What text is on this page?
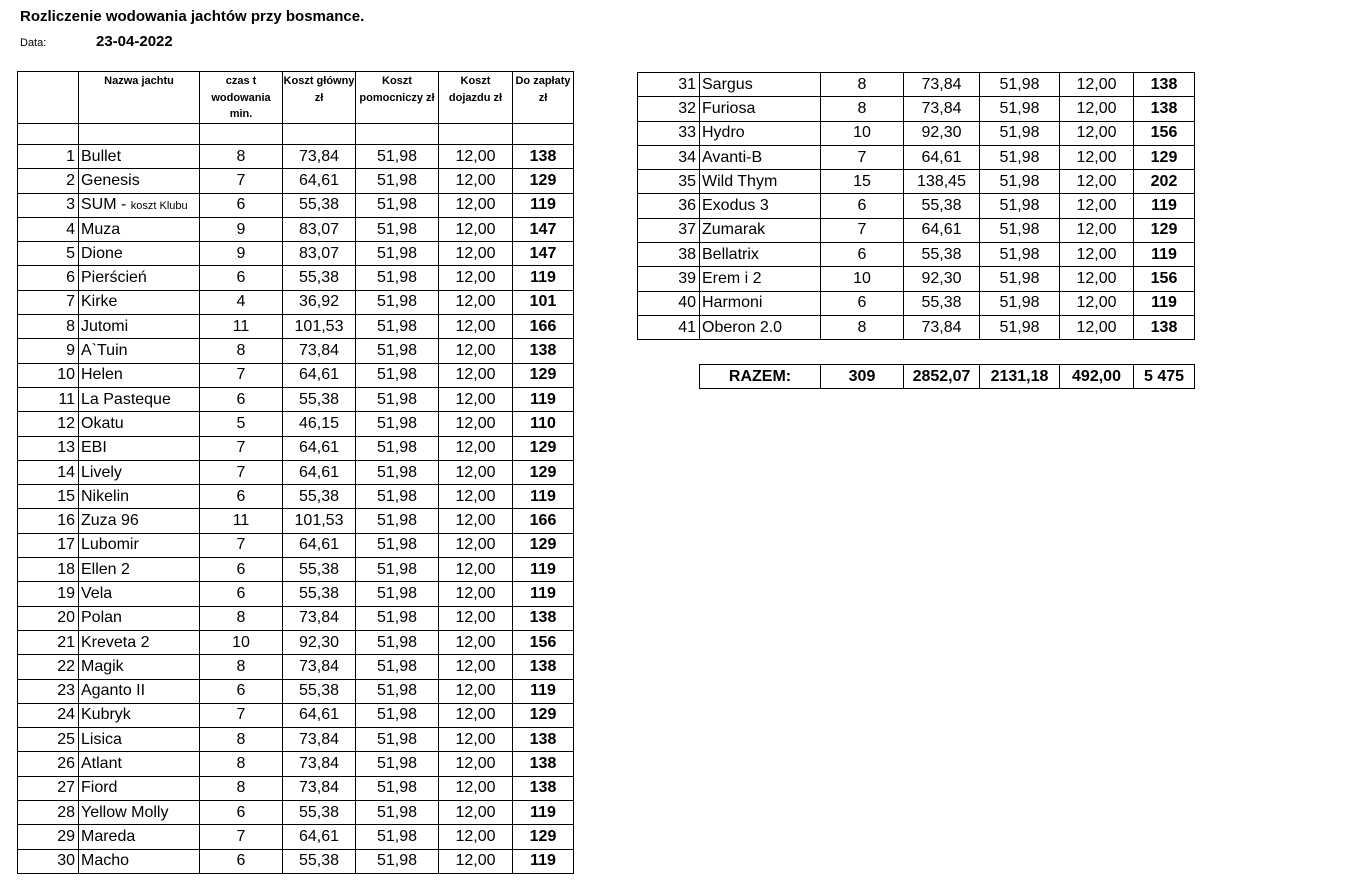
Rozliczenie wodowania jachtów przy bosmance.
Data:	23-04-2022
	Nazwa jachtu	czas t wodowania min.	Koszt główny zł	Koszt pomocniczy zł	Koszt dojazdu zł	Do zapłaty zł

1	Bullet	8	73,84	51,98	12,00	138
2	Genesis	7	64,61	51,98	12,00	129
3	SUM - koszt Klubu	6	55,38	51,98	12,00	119
4	Muza	9	83,07	51,98	12,00	147
5	Dione	9	83,07	51,98	12,00	147
6	Pierścień	6	55,38	51,98	12,00	119
7	Kirke	4	36,92	51,98	12,00	101
8	Jutomi	11	101,53	51,98	12,00	166
9	A`Tuin	8	73,84	51,98	12,00	138
10	Helen	7	64,61	51,98	12,00	129
11	La Pasteque	6	55,38	51,98	12,00	119
12	Okatu	5	46,15	51,98	12,00	110
13	EBI	7	64,61	51,98	12,00	129
14	Lively	7	64,61	51,98	12,00	129
15	Nikelin	6	55,38	51,98	12,00	119
16	Zuza 96	11	101,53	51,98	12,00	166
17	Lubomir	7	64,61	51,98	12,00	129
18	Ellen 2	6	55,38	51,98	12,00	119
19	Vela	6	55,38	51,98	12,00	119
20	Polan	8	73,84	51,98	12,00	138
21	Kreveta 2	10	92,30	51,98	12,00	156
22	Magik	8	73,84	51,98	12,00	138
23	Aganto II	6	55,38	51,98	12,00	119
24	Kubryk	7	64,61	51,98	12,00	129
25	Lisica	8	73,84	51,98	12,00	138
26	Atlant	8	73,84	51,98	12,00	138
27	Fiord	8	73,84	51,98	12,00	138
28	Yellow Molly	6	55,38	51,98	12,00	119
29	Mareda	7	64,61	51,98	12,00	129
30	Macho	6	55,38	51,98	12,00	119
31	Sargus	8	73,84	51,98	12,00	138
32	Furiosa	8	73,84	51,98	12,00	138
33	Hydro	10	92,30	51,98	12,00	156
34	Avanti-B	7	64,61	51,98	12,00	129
35	Wild Thym	15	138,45	51,98	12,00	202
36	Exodus 3	6	55,38	51,98	12,00	119
37	Zumarak	7	64,61	51,98	12,00	129
38	Bellatrix	6	55,38	51,98	12,00	119
39	Erem i 2	10	92,30	51,98	12,00	156
40	Harmoni	6	55,38	51,98	12,00	119
41	Oberon 2.0	8	73,84	51,98	12,00	138
RAZEM:	309	2852,07	2131,18	492,00	5 475
